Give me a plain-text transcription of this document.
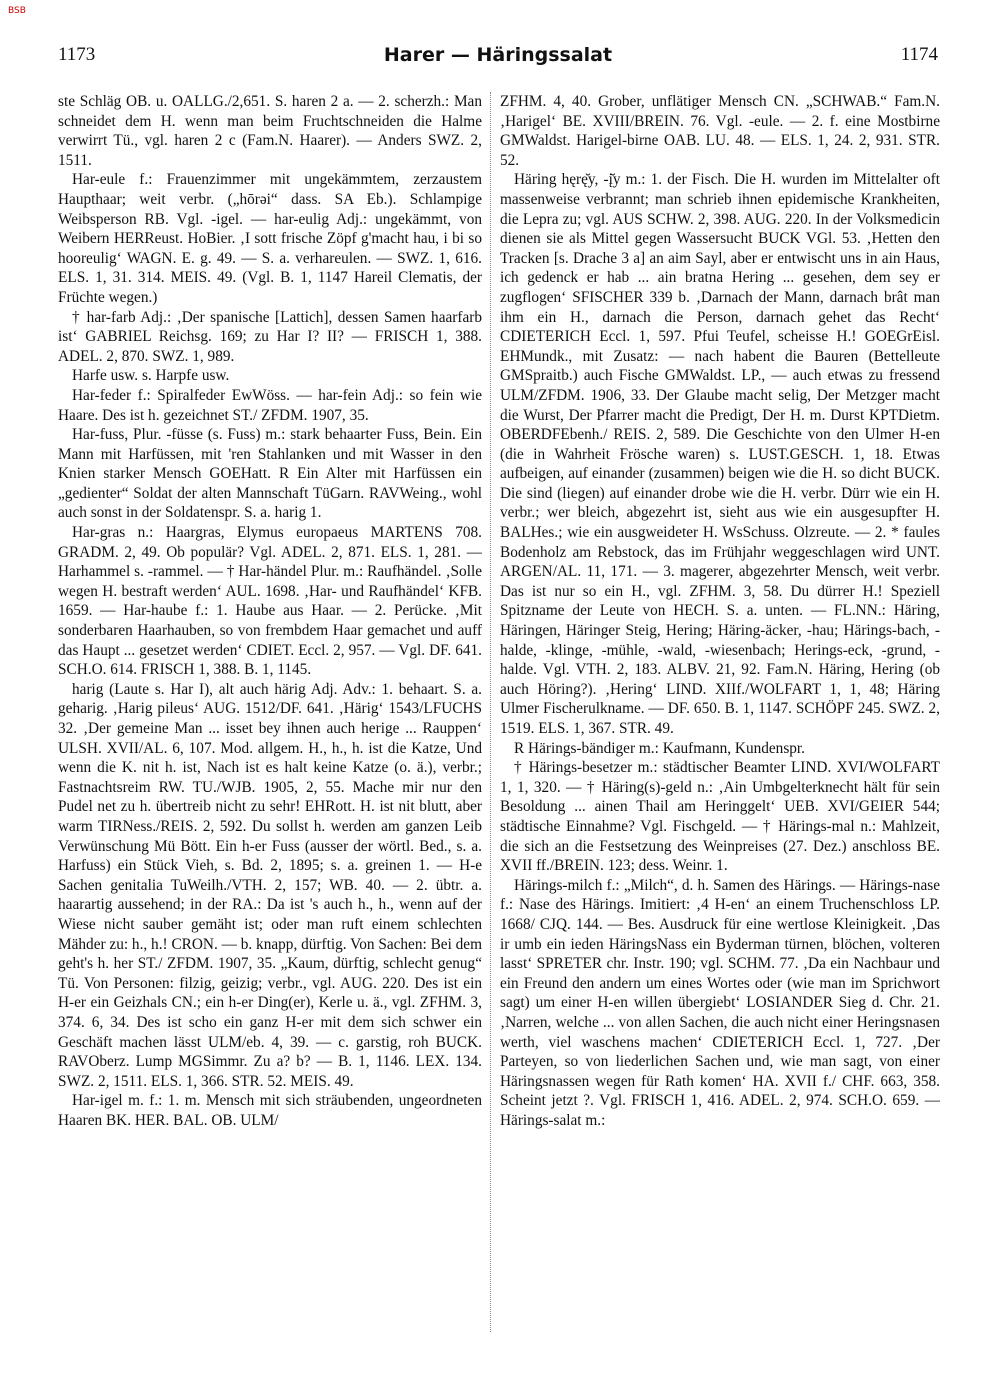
BSB
1173	Harer — Häringssalat	1174

ste Schläg OB. u. OALLG./2,651. S. haren 2 a. — 2. scherzh.: Man schneidet dem H. wenn man beim Fruchtschneiden die Halme verwirrt Tü., vgl. haren 2 c (Fam.N. Haarer). — Anders SWZ. 2, 1511.

Har-eule f.: Frauenzimmer mit ungekämmtem, zerzaustem Haupthaar; weit verbr. („hōrəi“ dass. SA Eb.). Schlampige Weibsperson RB. Vgl. -igel. — har-eulig Adj.: ungekämmt, von Weibern HERReust. HoBier. ‚I sott frische Zöpf g'macht hau, i bi so hooreulig‘ WAGN. E. g. 49. — S. a. verhareulen. — SWZ. 1, 616. ELS. 1, 31. 314. MEIS. 49. (Vgl. B. 1, 1147 Hareil Clematis, der Früchte wegen.)

† har-farb Adj.: ‚Der spanische [Lattich], dessen Samen haarfarb ist‘ GABRIEL Reichsg. 169; zu Har I? II? — FRISCH 1, 388. ADEL. 2, 870. SWZ. 1, 989.

Harfe usw. s. Harpfe usw.

Har-feder f.: Spiralfeder EwWöss. — har-fein Adj.: so fein wie Haare. Des ist h. gezeichnet ST./ ZFDM. 1907, 35.

Har-fuss, Plur. -füsse (s. Fuss) m.: stark behaarter Fuss, Bein. Ein Mann mit Harfüssen, mit 'ren Stahlanken und mit Wasser in den Knien starker Mensch GOEHatt. R Ein Alter mit Harfüssen ein „gedienter“ Soldat der alten Mannschaft TüGarn. RAVWeing., wohl auch sonst in der Soldatenspr. S. a. harig 1.

Har-gras n.: Haargras, Elymus europaeus MARTENS 708. GRADM. 2, 49. Ob populär? Vgl. ADEL. 2, 871. ELS. 1, 281. — Harhammel s. -rammel. — † Har-händel Plur. m.: Raufhändel. ‚Solle wegen H. bestraft werden‘ AUL. 1698. ‚Har- und Raufhändel‘ KFB. 1659. — Har-haube f.: 1. Haube aus Haar. — 2. Perücke. ‚Mit sonderbaren Haarhauben, so von frembdem Haar gemachet und auff das Haupt ... gesetzet werden‘ CDIET. Eccl. 2, 957. — Vgl. DF. 641. SCH.O. 614. FRISCH 1, 388. B. 1, 1145.

harig (Laute s. Har I), alt auch härig Adj. Adv.: 1. behaart. S. a. geharig. ‚Harig pileus‘ AUG. 1512/DF. 641. ‚Härig‘ 1543/LFUCHS 32. ‚Der gemeine Man ... isset bey ihnen auch herige ... Rauppen‘ ULSH. XVII/AL. 6, 107. Mod. allgem. H., h., h. ist die Katze, Und wenn die K. nit h. ist, Nach ist es halt keine Katze (o. ä.), verbr.; Fastnachtsreim RW. TU./WJB. 1905, 2, 55. Mache mir nur den Pudel net zu h. übertreib nicht zu sehr! EHRott. H. ist nit blutt, aber warm TIRNess./REIS. 2, 592. Du sollst h. werden am ganzen Leib Verwünschung Mü Bött. Ein h-er Fuss (ausser der wörtl. Bed., s. a. Harfuss) ein Stück Vieh, s. Bd. 2, 1895; s. a. greinen 1. — H-e Sachen genitalia TuWeilh./VTH. 2, 157; WB. 40. — 2. übtr. a. haarartig aussehend; in der RA.: Da ist 's auch h., h., wenn auf der Wiese nicht sauber gemäht ist; oder man ruft einem schlechten Mähder zu: h., h.! CRON. — b. knapp, dürftig. Von Sachen: Bei dem geht's h. her ST./ ZFDM. 1907, 35. „Kaum, dürftig, schlecht genug“ Tü. Von Personen: filzig, geizig; verbr., vgl. AUG. 220. Des ist ein H-er ein Geizhals CN.; ein h-er Ding(er), Kerle u. ä., vgl. ZFHM. 3, 374. 6, 34. Des ist scho ein ganz H-er mit dem sich schwer ein Geschäft machen lässt ULM/eb. 4, 39. — c. garstig, roh BUCK. RAVOberz. Lump MGSimmr. Zu a? b? — B. 1, 1146. LEX. 134. SWZ. 2, 1511. ELS. 1, 366. STR. 52. MEIS. 49.

Har-igel m. f.: 1. m. Mensch mit sich sträubenden, ungeordneten Haaren BK. HER. BAL. OB. ULM/

ZFHM. 4, 40. Grober, unflätiger Mensch CN. „SCHWAB.“ Fam.N. ‚Harigel‘ BE. XVIII/BREIN. 76. Vgl. -eule. — 2. f. eine Mostbirne GMWaldst. Harigel-birne OAB. LU. 48. — ELS. 1, 24. 2, 931. STR. 52.

Häring hęrę̆y, -į̆y m.: 1. der Fisch. Die H. wurden im Mittelalter oft massenweise verbrannt; man schrieb ihnen epidemische Krankheiten, die Lepra zu; vgl. AUS SCHW. 2, 398. AUG. 220. In der Volksmedicin dienen sie als Mittel gegen Wassersucht BUCK VGl. 53. ‚Hetten den Tracken [s. Drache 3 a] an aim Sayl, aber er entwischt uns in ain Haus, ich gedenck er hab ... ain bratna Hering ... gesehen, dem sey er zugflogen‘ SFISCHER 339 b. ‚Darnach der Mann, darnach brât man ihm ein H., darnach die Person, darnach gehet das Recht‘ CDIETERICH Eccl. 1, 597. Pfui Teufel, scheisse H.! GOEGrEisl. EHMundk., mit Zusatz: — nach habent die Bauren (Bettelleute GMSpraitb.) auch Fische GMWaldst. LP., — auch etwas zu fressend ULM/ZFDM. 1906, 33. Der Glaube macht selig, Der Metzger macht die Wurst, Der Pfarrer macht die Predigt, Der H. m. Durst KPTDietm. OBERDFEbenh./ REIS. 2, 589. Die Geschichte von den Ulmer H-en (die in Wahrheit Frösche waren) s. LUST.GESCH. 1, 18. Etwas aufbeigen, auf einander (zusammen) beigen wie die H. so dicht BUCK. Die sind (liegen) auf einander drobe wie die H. verbr. Dürr wie ein H. verbr.; wer bleich, abgezehrt ist, sieht aus wie ein ausgesupfter H. BALHes.; wie ein ausgweideter H. WsSchuss. Olzreute. — 2. * faules Bodenholz am Rebstock, das im Frühjahr weggeschlagen wird UNT. ARGEN/AL. 11, 171. — 3. magerer, abgezehrter Mensch, weit verbr. Das ist nur so ein H., vgl. ZFHM. 3, 58. Du dürrer H.! Speziell Spitzname der Leute von HECH. S. a. unten. — FL.NN.: Häring, Häringen, Häringer Steig, Hering; Häring-äcker, -hau; Härings-bach, -halde, -klinge, -mühle, -wald, -wiesenbach; Herings-eck, -grund, -halde. Vgl. VTH. 2, 183. ALBV. 21, 92. Fam.N. Häring, Hering (ob auch Höring?). ‚Hering‘ LIND. XIIf./WOLFART 1, 1, 48; Häring Ulmer Fischerulkname. — DF. 650. B. 1, 1147. SCHÖPF 245. SWZ. 2, 1519. ELS. 1, 367. STR. 49.

R Härings-bändiger m.: Kaufmann, Kundenspr.

† Härings-besetzer m.: städtischer Beamter LIND. XVI/WOLFART 1, 1, 320. — † Häring(s)-geld n.: ‚Ain Umbgelterknecht hält für sein Besoldung ... ainen Thail am Heringgelt‘ UEB. XVI/GEIER 544; städtische Einnahme? Vgl. Fischgeld. — † Härings-mal n.: Mahlzeit, die sich an die Festsetzung des Weinpreises (27. Dez.) anschloss BE. XVII ff./BREIN. 123; dess. Weinr. 1.

Härings-milch f.: „Milch“, d. h. Samen des Härings. — Härings-nase f.: Nase des Härings. Imitiert: ‚4 H-en‘ an einem Truchenschloss LP. 1668/ CJQ. 144. — Bes. Ausdruck für eine wertlose Kleinigkeit. ‚Das ir umb ein ieden HäringsNass ein Byderman türnen, blöchen, volteren lasst‘ SPRETER chr. Instr. 190; vgl. SCHM. 77. ‚Da ein Nachbaur und ein Freund den andern um eines Wortes oder (wie man im Sprichwort sagt) um einer H-en willen übergiebt‘ LOSIANDER Sieg d. Chr. 21. ‚Narren, welche ... von allen Sachen, die auch nicht einer Heringsnasen werth, viel waschens machen‘ CDIETERICH Eccl. 1, 727. ‚Der Parteyen, so von liederlichen Sachen und, wie man sagt, von einer Häringsnassen wegen für Rath komen‘ HA. XVII f./ CHF. 663, 358. Scheint jetzt ?. Vgl. FRISCH 1, 416. ADEL. 2, 974. SCH.O. 659. — Härings-salat m.:
